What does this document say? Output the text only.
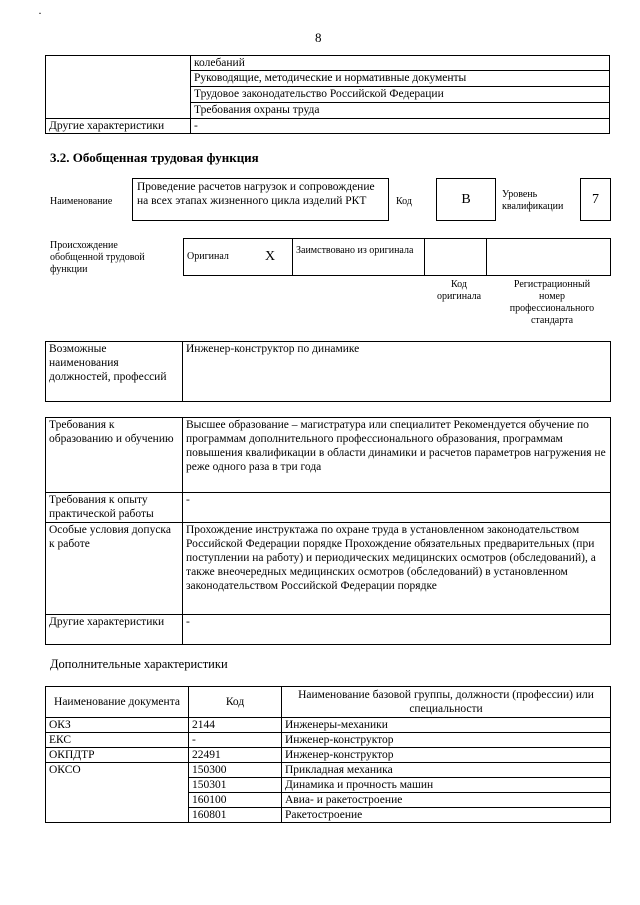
·
8
	колебаний
	Руководящие, методические и нормативные документы
	Трудовое законодательство Российской Федерации
	Требования охраны труда
Другие характеристики	-
3.2. Обобщенная трудовая функция
Наименование
Проведение расчетов нагрузок и сопровождение на всех этапах жизненного цикла изделий РКТ	Код	B	Уровень квалификации	7
Происхождение обобщенной трудовой функции
Оригинал	X	Заимствовано из оригинала		
Код оригинала
Регистрационный номер профессионального стандарта
Возможные наименования должностей, профессий	Инженер-конструктор по динамике
Требования к образованию и обучению	Высшее образование – магистратура или специалитет Рекомендуется обучение по программам дополнительного профессионального образования, программам повышения квалификации в области динамики и расчетов параметров нагружения не реже одного раза в три года
Требования к опыту практической работы	-
Особые условия допуска к работе	Прохождение инструктажа по охране труда в установленном законодательством Российской Федерации порядке Прохождение обязательных предварительных (при поступлении на работу) и периодических медицинских осмотров (обследований), а также внеочередных медицинских осмотров (обследований) в установленном законодательством Российской Федерации порядке
Другие характеристики	-
Дополнительные характеристики
Наименование документа	Код	Наименование базовой группы, должности (профессии) или специальности
ОКЗ	2144	Инженеры-механики
ЕКС	-	Инженер-конструктор
ОКПДТР	22491	Инженер-конструктор
ОКСО	150300	Прикладная механика
	150301	Динамика и прочность машин
	160100	Авиа- и ракетостроение
	160801	Ракетостроение
